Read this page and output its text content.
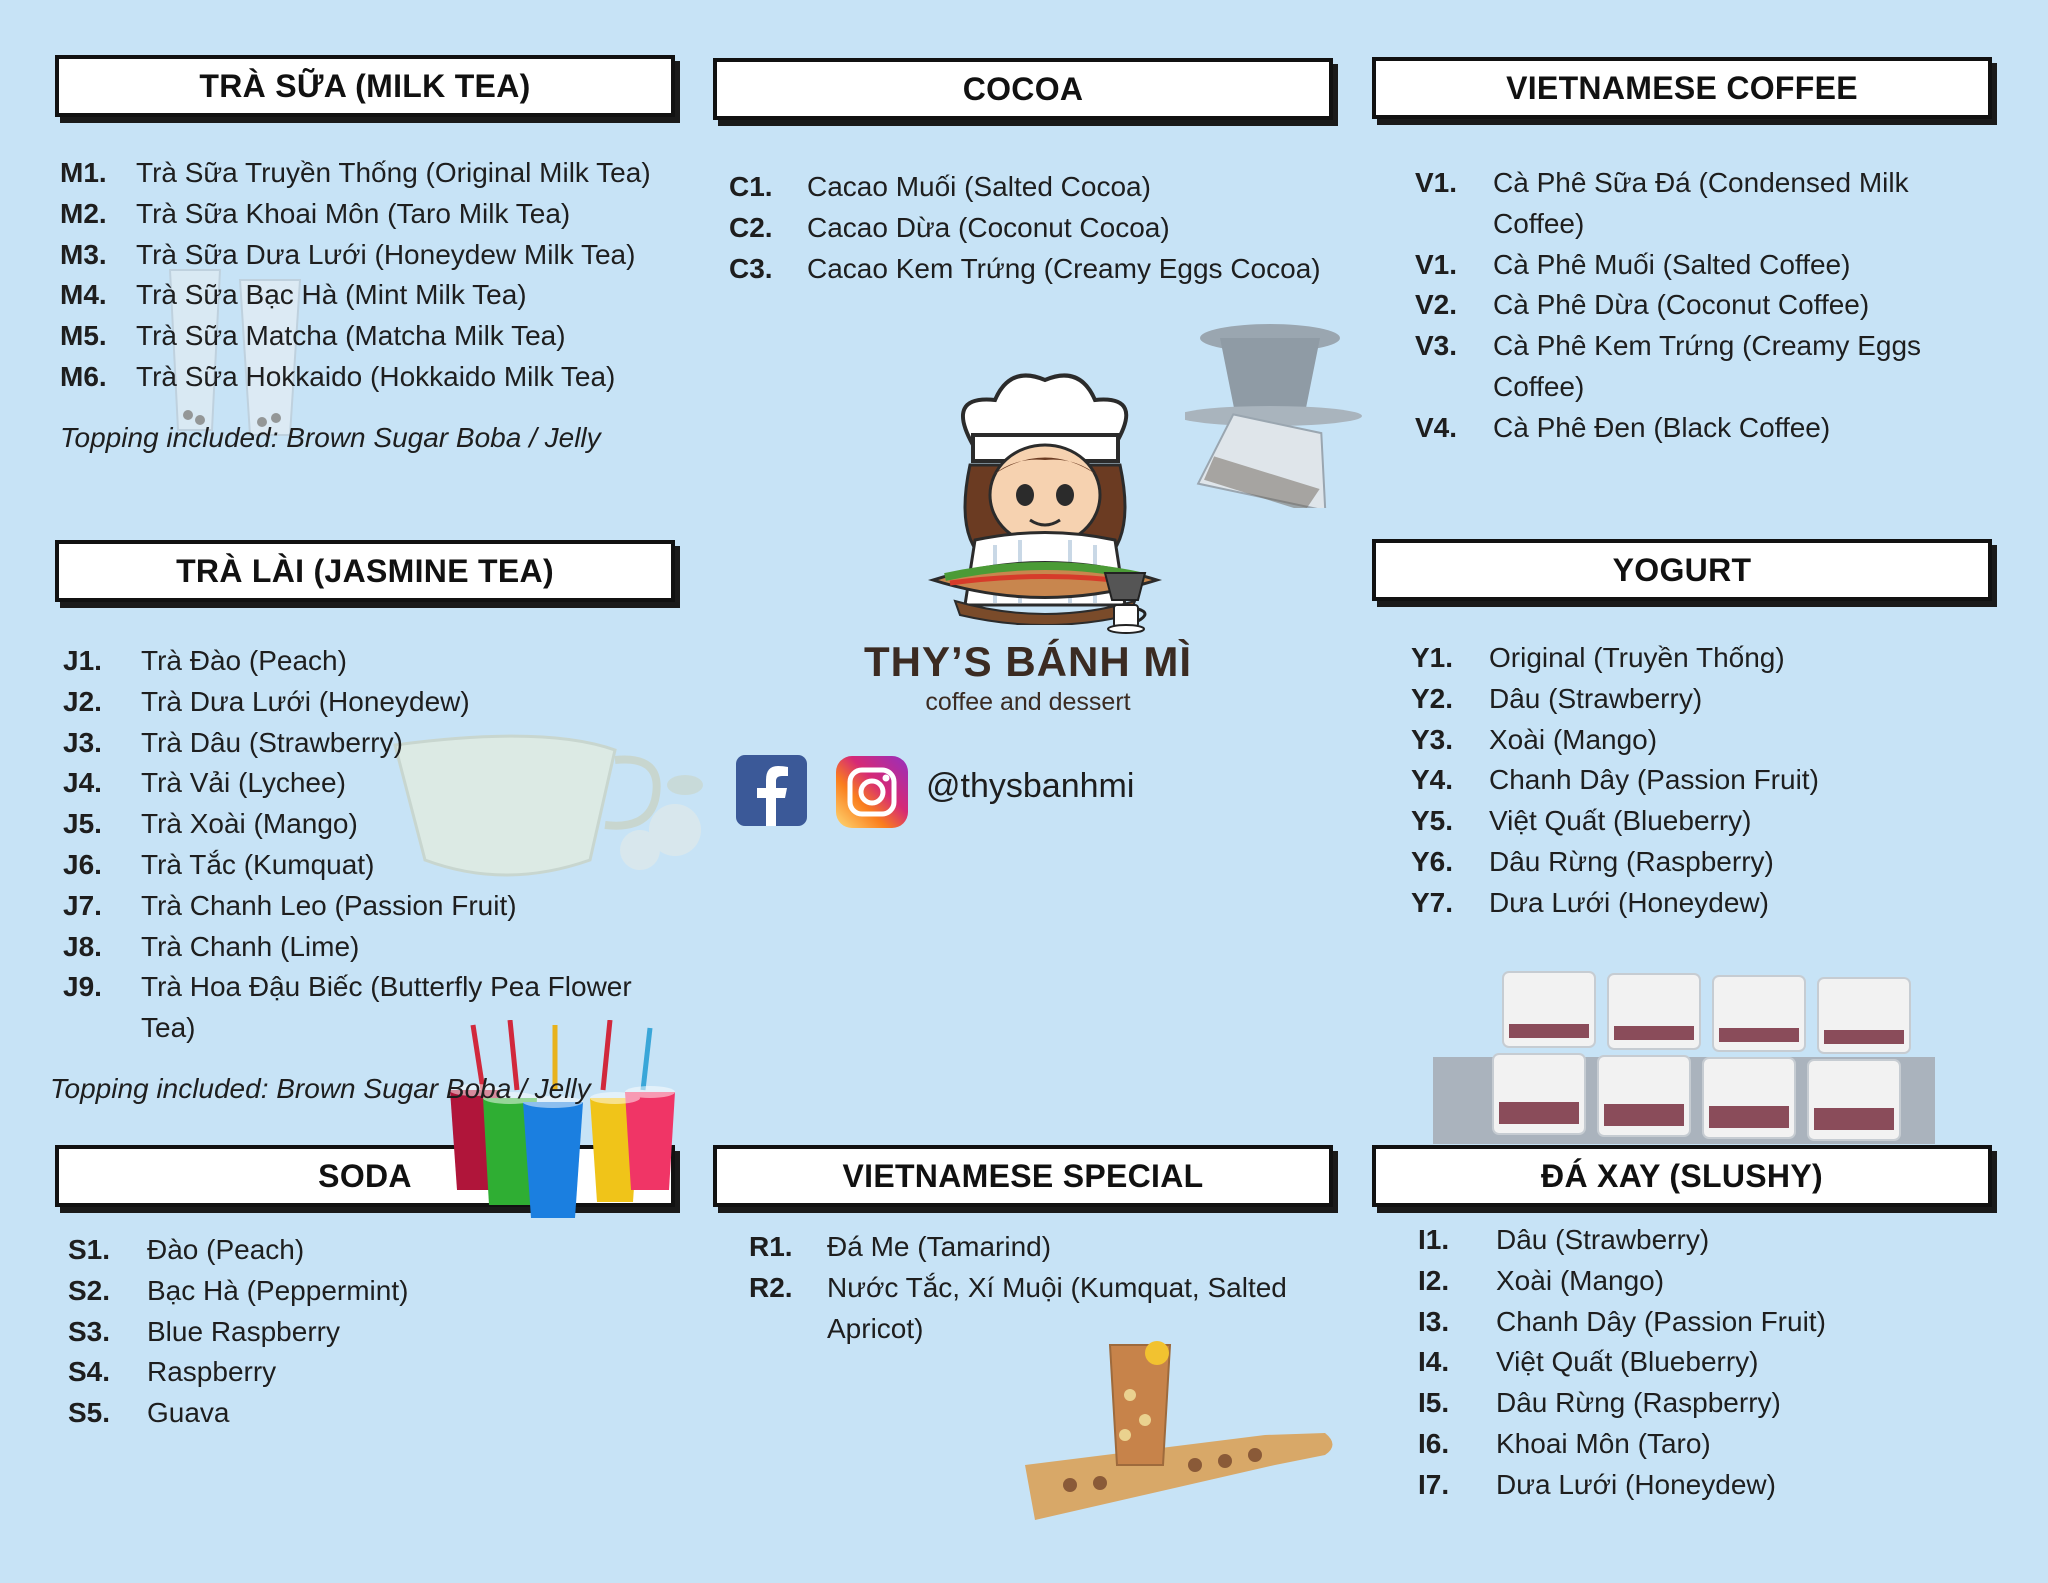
THY’S BÁNH MÌ
coffee and dessert
@thysbanhmi
TRÀ SỮA (MILK TEA)	COCOA	VIETNAMESE COFFEE
TRÀ LÀI (JASMINE TEA)	YOGURT
SODA	VIETNAMESE SPECIAL	ĐÁ XAY (SLUSHY)
M1.	Trà Sữa Truyền Thống (Original Milk Tea)
M2.	Trà Sữa Khoai Môn (Taro Milk Tea)
M3.	Trà Sữa Dưa Lưới (Honeydew Milk Tea)
M4.	Trà Sữa Bạc Hà (Mint Milk Tea)
M5.	Trà Sữa Matcha (Matcha Milk Tea)
M6.	Trà Sữa Hokkaido (Hokkaido Milk Tea)
Topping included: Brown Sugar Boba / Jelly
C1.	Cacao Muối (Salted Cocoa)
C2.	Cacao Dừa (Coconut Cocoa)
C3.	Cacao Kem Trứng (Creamy Eggs Cocoa)
V1.	Cà Phê Sữa Đá (Condensed Milk Coffee)
V1.	Cà Phê Muối (Salted Coffee)
V2.	Cà Phê Dừa (Coconut Coffee)
V3.	Cà Phê Kem Trứng (Creamy Eggs Coffee)
V4.	Cà Phê Đen (Black Coffee)
J1.	Trà Đào (Peach)
J2.	Trà Dưa Lưới (Honeydew)
J3.	Trà Dâu (Strawberry)
J4.	Trà Vải (Lychee)
J5.	Trà Xoài (Mango)
J6.	Trà Tắc (Kumquat)
J7.	Trà Chanh Leo (Passion Fruit)
J8.	Trà Chanh (Lime)
J9.	Trà Hoa Đậu Biếc (Butterfly Pea Flower Tea)
Topping included: Brown Sugar Boba / Jelly
Y1.	Original (Truyền Thống)
Y2.	Dâu (Strawberry)
Y3.	Xoài (Mango)
Y4.	Chanh Dây (Passion Fruit)
Y5.	Việt Quất (Blueberry)
Y6.	Dâu Rừng (Raspberry)
Y7.	Dưa Lưới (Honeydew)
S1.	Đào (Peach)
S2.	Bạc Hà (Peppermint)
S3.	Blue Raspberry
S4.	Raspberry
S5.	Guava
R1.	Đá Me (Tamarind)
R2.	Nước Tắc, Xí Muội (Kumquat, Salted Apricot)
I1.	Dâu (Strawberry)
I2.	Xoài (Mango)
I3.	Chanh Dây (Passion Fruit)
I4.	Việt Quất (Blueberry)
I5.	Dâu Rừng (Raspberry)
I6.	Khoai Môn (Taro)
I7.	Dưa Lưới (Honeydew)
